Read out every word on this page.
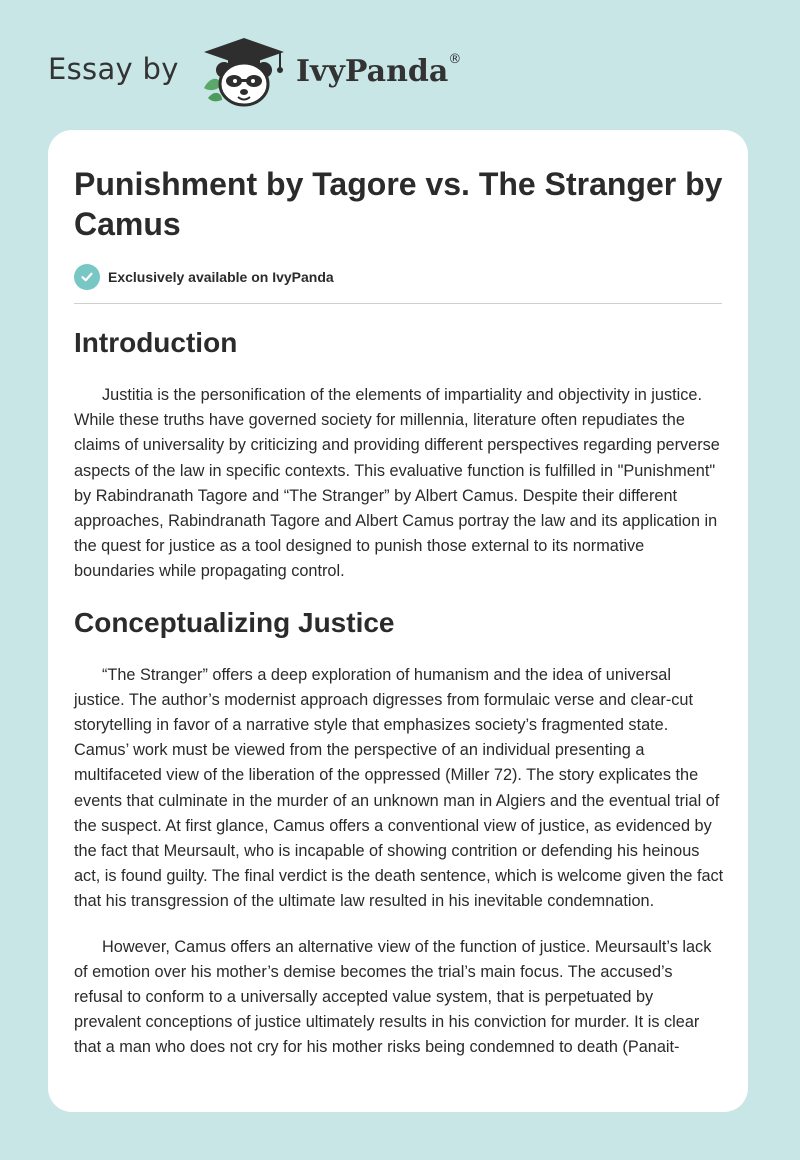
Essay by	IvyPanda®
Punishment by Tagore vs. The Stranger by Camus
Exclusively available on IvyPanda
Introduction

Justitia is the personification of the elements of impartiality and objectivity in justice. While these truths have governed society for millennia, literature often repudiates the claims of universality by criticizing and providing different perspectives regarding perverse aspects of the law in specific contexts. This evaluative function is fulfilled in "Punishment" by Rabindranath Tagore and “The Stranger” by Albert Camus. Despite their different approaches, Rabindranath Tagore and Albert Camus portray the law and its application in the quest for justice as a tool designed to punish those external to its normative boundaries while propagating control.

Conceptualizing Justice

“The Stranger” offers a deep exploration of humanism and the idea of universal justice. The author’s modernist approach digresses from formulaic verse and clear-cut storytelling in favor of a narrative style that emphasizes society’s fragmented state. Camus’ work must be viewed from the perspective of an individual presenting a multifaceted view of the liberation of the oppressed (Miller 72). The story explicates the events that culminate in the murder of an unknown man in Algiers and the eventual trial of the suspect. At first glance, Camus offers a conventional view of justice, as evidenced by the fact that Meursault, who is incapable of showing contrition or defending his heinous act, is found guilty. The final verdict is the death sentence, which is welcome given the fact that his transgression of the ultimate law resulted in his inevitable condemnation.

However, Camus offers an alternative view of the function of justice. Meursault’s lack of emotion over his mother’s demise becomes the trial’s main focus. The accused’s refusal to conform to a universally accepted value system, that is perpetuated by prevalent conceptions of justice ultimately results in his conviction for murder. It is clear that a man who does not cry for his mother risks being condemned to death (Panait-
